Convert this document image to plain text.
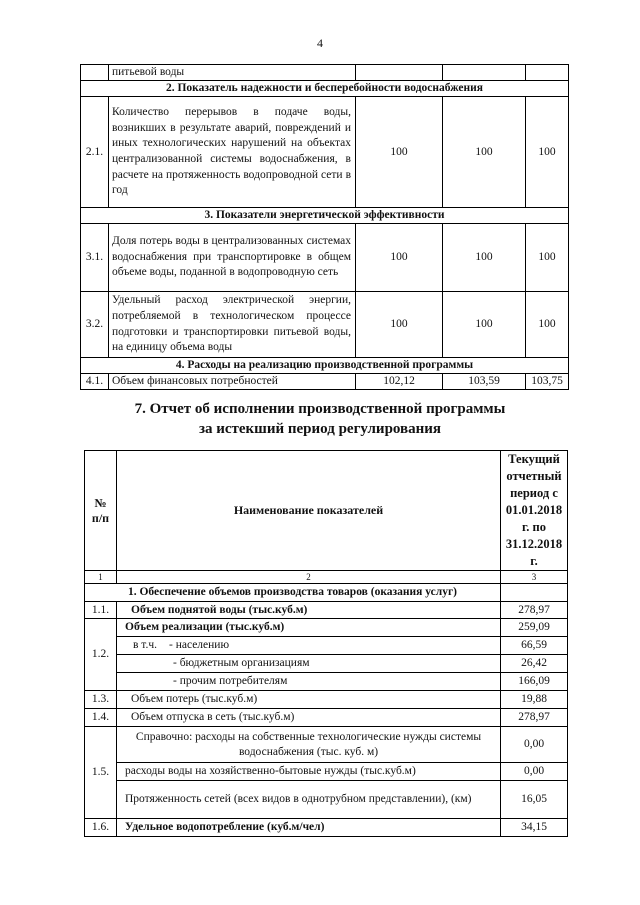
4
	питьевой воды			
2. Показатель надежности и бесперебойности водоснабжения				
2.1.	Количество перерывов в подаче воды, возникших в результате аварий, повреждений и иных технологических нарушений на объектах централизованной системы водоснабжения, в расчете на протяженность водопроводной сети в год	100	100	100
3. Показатели энергетической эффективности				
3.1.	Доля потерь воды в централизованных системах водоснабжения при транспортировке в общем объеме воды, поданной в водопроводную сеть	100	100	100
3.2.	Удельный расход электрической энергии, потребляемой в технологическом процессе подготовки и транспортировки питьевой воды, на единицу объема воды	100	100	100
4. Расходы на реализацию производственной программы				
4.1.	Объем финансовых потребностей	102,12	103,59	103,75
7. Отчет об исполнении производственной программы
за истекший период регулирования
№ п/п	Наименование показателей	Текущий отчетный период с 01.01.2018 г. по 31.12.2018 г.
1	2	3
1. Обеспечение объемов производства товаров (оказания услуг)		
1.1.	Объем поднятой воды (тыс.куб.м)	278,97
1.2.	Объем реализации (тыс.куб.м)	259,09
	в т.ч. - населению	66,59
	- бюджетным организациям	26,42
	- прочим потребителям	166,09
1.3.	Объем потерь (тыс.куб.м)	19,88
1.4.	Объем отпуска в сеть (тыс.куб.м)	278,97
1.5.	Справочно: расходы на собственные технологические нужды системы водоснабжения (тыс. куб. м)	0,00
	расходы воды на хозяйственно-бытовые нужды (тыс.куб.м)	0,00
	Протяженность сетей (всех видов в однотрубном представлении), (км)	16,05
1.6.	Удельное водопотребление (куб.м/чел)	34,15
